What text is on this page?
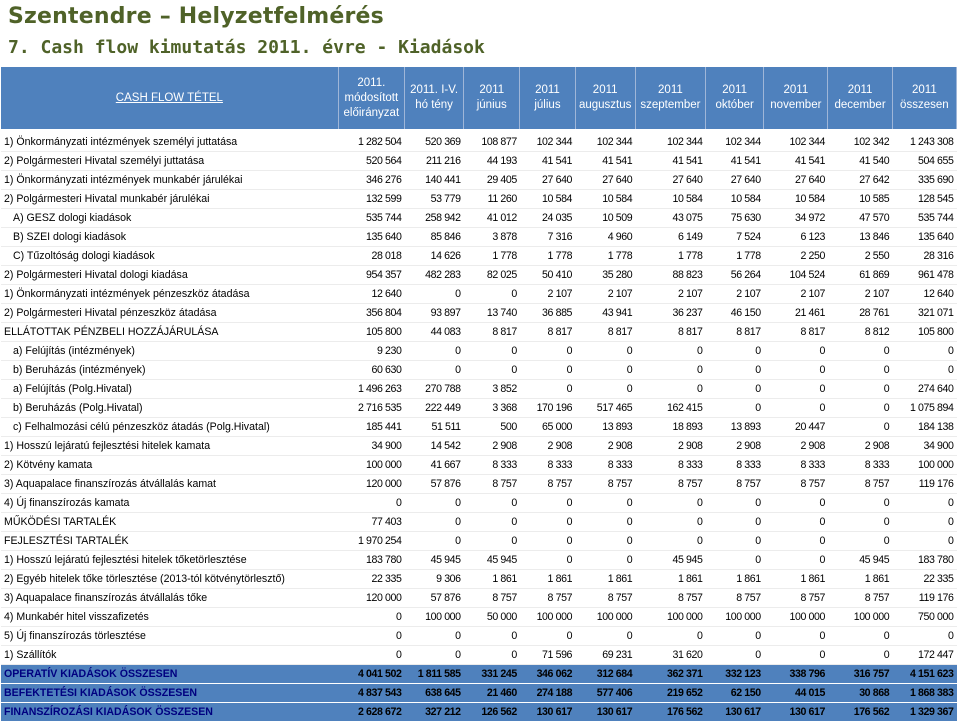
Szentendre – Helyzetfelmérés
7. Cash flow kimutatás 2011. évre - Kiadások
CASH FLOW TÉTEL	2011. módosított előirányzat	2011. I-V. hó tény	2011 június	2011 július	2011 augusztus	2011 szeptember	2011 október	2011 november	2011 december	2011 összesen

1) Önkormányzati intézmények személyi juttatása	1 282 504	520 369	108 877	102 344	102 344	102 344	102 344	102 344	102 342	1 243 308
2) Polgármesteri Hivatal személyi juttatása	520 564	211 216	44 193	41 541	41 541	41 541	41 541	41 541	41 540	504 655
1) Önkormányzati intézmények munkabér járulékai	346 276	140 441	29 405	27 640	27 640	27 640	27 640	27 640	27 642	335 690
2) Polgármesteri Hivatal munkabér járulékai	132 599	53 779	11 260	10 584	10 584	10 584	10 584	10 584	10 585	128 545
A) GESZ dologi kiadások	535 744	258 942	41 012	24 035	10 509	43 075	75 630	34 972	47 570	535 744
B) SZEI dologi kiadások	135 640	85 846	3 878	7 316	4 960	6 149	7 524	6 123	13 846	135 640
C) Tűzoltóság dologi kiadások	28 018	14 626	1 778	1 778	1 778	1 778	1 778	2 250	2 550	28 316
2) Polgármesteri Hivatal dologi kiadása	954 357	482 283	82 025	50 410	35 280	88 823	56 264	104 524	61 869	961 478
1) Önkormányzati intézmények pénzeszköz átadása	12 640	0	0	2 107	2 107	2 107	2 107	2 107	2 107	12 640
2) Polgármesteri Hivatal pénzeszköz átadása	356 804	93 897	13 740	36 885	43 941	36 237	46 150	21 461	28 761	321 071
ELLÁTOTTAK PÉNZBELI HOZZÁJÁRULÁSA	105 800	44 083	8 817	8 817	8 817	8 817	8 817	8 817	8 812	105 800
a) Felújítás (intézmények)	9 230	0	0	0	0	0	0	0	0	0
b) Beruházás (intézmények)	60 630	0	0	0	0	0	0	0	0	0
a) Felújítás (Polg.Hivatal)	1 496 263	270 788	3 852	0	0	0	0	0	0	274 640
b) Beruházás (Polg.Hivatal)	2 716 535	222 449	3 368	170 196	517 465	162 415	0	0	0	1 075 894
c) Felhalmozási célú pénzeszköz átadás (Polg.Hivatal)	185 441	51 511	500	65 000	13 893	18 893	13 893	20 447	0	184 138
1) Hosszú lejáratú fejlesztési hitelek kamata	34 900	14 542	2 908	2 908	2 908	2 908	2 908	2 908	2 908	34 900
2) Kötvény kamata	100 000	41 667	8 333	8 333	8 333	8 333	8 333	8 333	8 333	100 000
3) Aquapalace finanszírozás átvállalás kamat	120 000	57 876	8 757	8 757	8 757	8 757	8 757	8 757	8 757	119 176
4) Új finanszírozás kamata	0	0	0	0	0	0	0	0	0	0
MŰKÖDÉSI TARTALÉK	77 403	0	0	0	0	0	0	0	0	0
FEJLESZTÉSI TARTALÉK	1 970 254	0	0	0	0	0	0	0	0	0
1) Hosszú lejáratú fejlesztési hitelek tőketörlesztése	183 780	45 945	45 945	0	0	45 945	0	0	45 945	183 780
2) Egyéb hitelek tőke törlesztése (2013-tól kötvénytörlesztő)	22 335	9 306	1 861	1 861	1 861	1 861	1 861	1 861	1 861	22 335
3) Aquapalace finanszírozás átvállalás tőke	120 000	57 876	8 757	8 757	8 757	8 757	8 757	8 757	8 757	119 176
4) Munkabér hitel visszafizetés	0	100 000	50 000	100 000	100 000	100 000	100 000	100 000	100 000	750 000
5) Új finanszírozás törlesztése	0	0	0	0	0	0	0	0	0	0
1) Szállítók	0	0	0	71 596	69 231	31 620	0	0	0	172 447
OPERATÍV KIADÁSOK ÖSSZESEN	4 041 502	1 811 585	331 245	346 062	312 684	362 371	332 123	338 796	316 757	4 151 623
BEFEKTETÉSI KIADÁSOK ÖSSZESEN	4 837 543	638 645	21 460	274 188	577 406	219 652	62 150	44 015	30 868	1 868 383
FINANSZÍROZÁSI KIADÁSOK ÖSSZESEN	2 628 672	327 212	126 562	130 617	130 617	176 562	130 617	130 617	176 562	1 329 367
